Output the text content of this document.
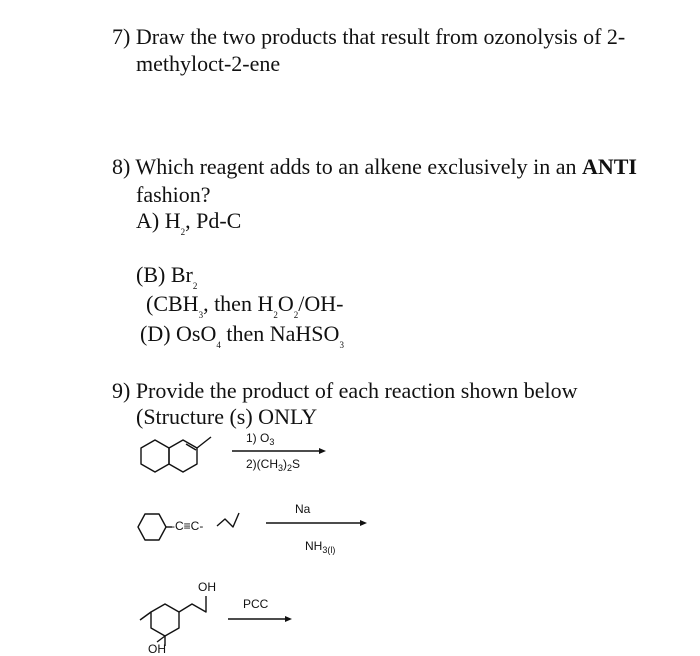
7) Draw the two products that result from ozonolysis of 2-
methyloct-2-ene
8) Which reagent adds to an alkene exclusively in an ANTI
fashion?
A) $H_2$, Pd-C
(B) $Br_2$
($CBH_3$, then $H_2O_2/OH-$
(D) OsO$_4$ then NaHSO$_3$
9) Provide the product of each reaction shown below
(Structure (s) ONLY
1) $O_3$
$2)(CH_3)_2S$
-C≡C-
Na
$NH_{3(l)}$
OH
OH
PCC
